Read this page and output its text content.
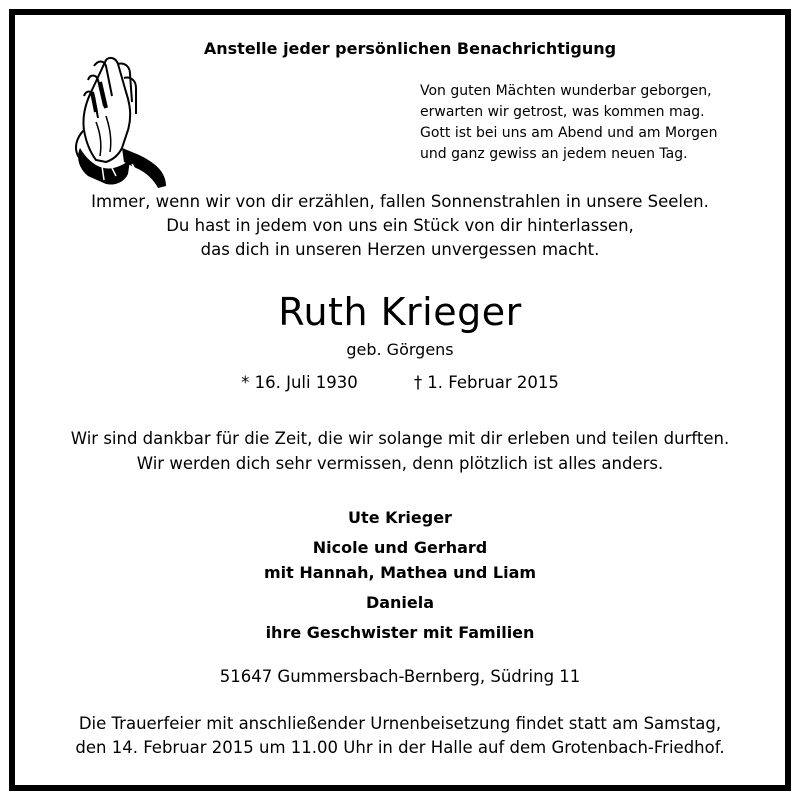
Anstelle jeder persönlichen Benachrichtigung
Von guten Mächten wunderbar geborgen,
erwarten wir getrost, was kommen mag.
Gott ist bei uns am Abend und am Morgen
und ganz gewiss an jedem neuen Tag.
Immer, wenn wir von dir erzählen, fallen Sonnenstrahlen in unsere Seelen.
Du hast in jedem von uns ein Stück von dir hinterlassen,
das dich in unseren Herzen unvergessen macht.
Ruth Krieger
geb. Görgens
* 16. Juli 1930	† 1. Februar 2015
Wir sind dankbar für die Zeit, die wir solange mit dir erleben und teilen durften.
Wir werden dich sehr vermissen, denn plötzlich ist alles anders.
Ute Krieger
Nicole und Gerhard
mit Hannah, Mathea und Liam
Daniela
ihre Geschwister mit Familien
51647 Gummersbach-Bernberg, Südring 11
Die Trauerfeier mit anschließender Urnenbeisetzung findet statt am Samstag,
den 14. Februar 2015 um 11.00 Uhr in der Halle auf dem Grotenbach-Friedhof.
